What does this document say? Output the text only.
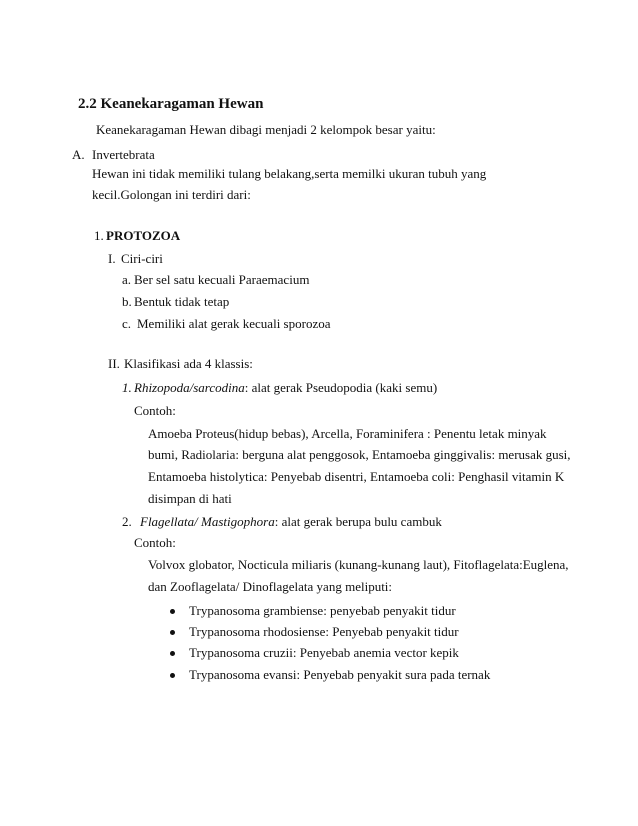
2.2 Keanekaragaman Hewan
Keanekaragaman Hewan dibagi menjadi 2 kelompok besar yaitu:
A. Invertebrata
Hewan ini tidak memiliki tulang belakang,serta memilki ukuran tubuh yang
kecil.Golongan ini terdiri dari:
1. PROTOZOA
I. Ciri-ciri
a. Ber sel satu kecuali Paraemacium
b. Bentuk tidak tetap
c. Memiliki alat gerak kecuali sporozoa
II. Klasifikasi ada 4 klassis:
1. Rhizopoda/sarcodina: alat gerak Pseudopodia (kaki semu)
Contoh:
Amoeba Proteus(hidup bebas), Arcella, Foraminifera : Penentu letak minyak
bumi, Radiolaria: berguna alat penggosok, Entamoeba ginggivalis: merusak gusi,
Entamoeba histolytica: Penyebab disentri, Entamoeba coli: Penghasil vitamin K
disimpan di hati
2. Flagellata/ Mastigophora: alat gerak berupa bulu cambuk
Contoh:
Volvox globator, Nocticula miliaris (kunang-kunang laut), Fitoflagelata:Euglena,
dan Zooflagelata/ Dinoflagelata yang meliputi:
Trypanosoma grambiense: penyebab penyakit tidur
Trypanosoma rhodosiense: Penyebab penyakit tidur
Trypanosoma cruzii: Penyebab anemia vector kepik
Trypanosoma evansi: Penyebab penyakit sura pada ternak
